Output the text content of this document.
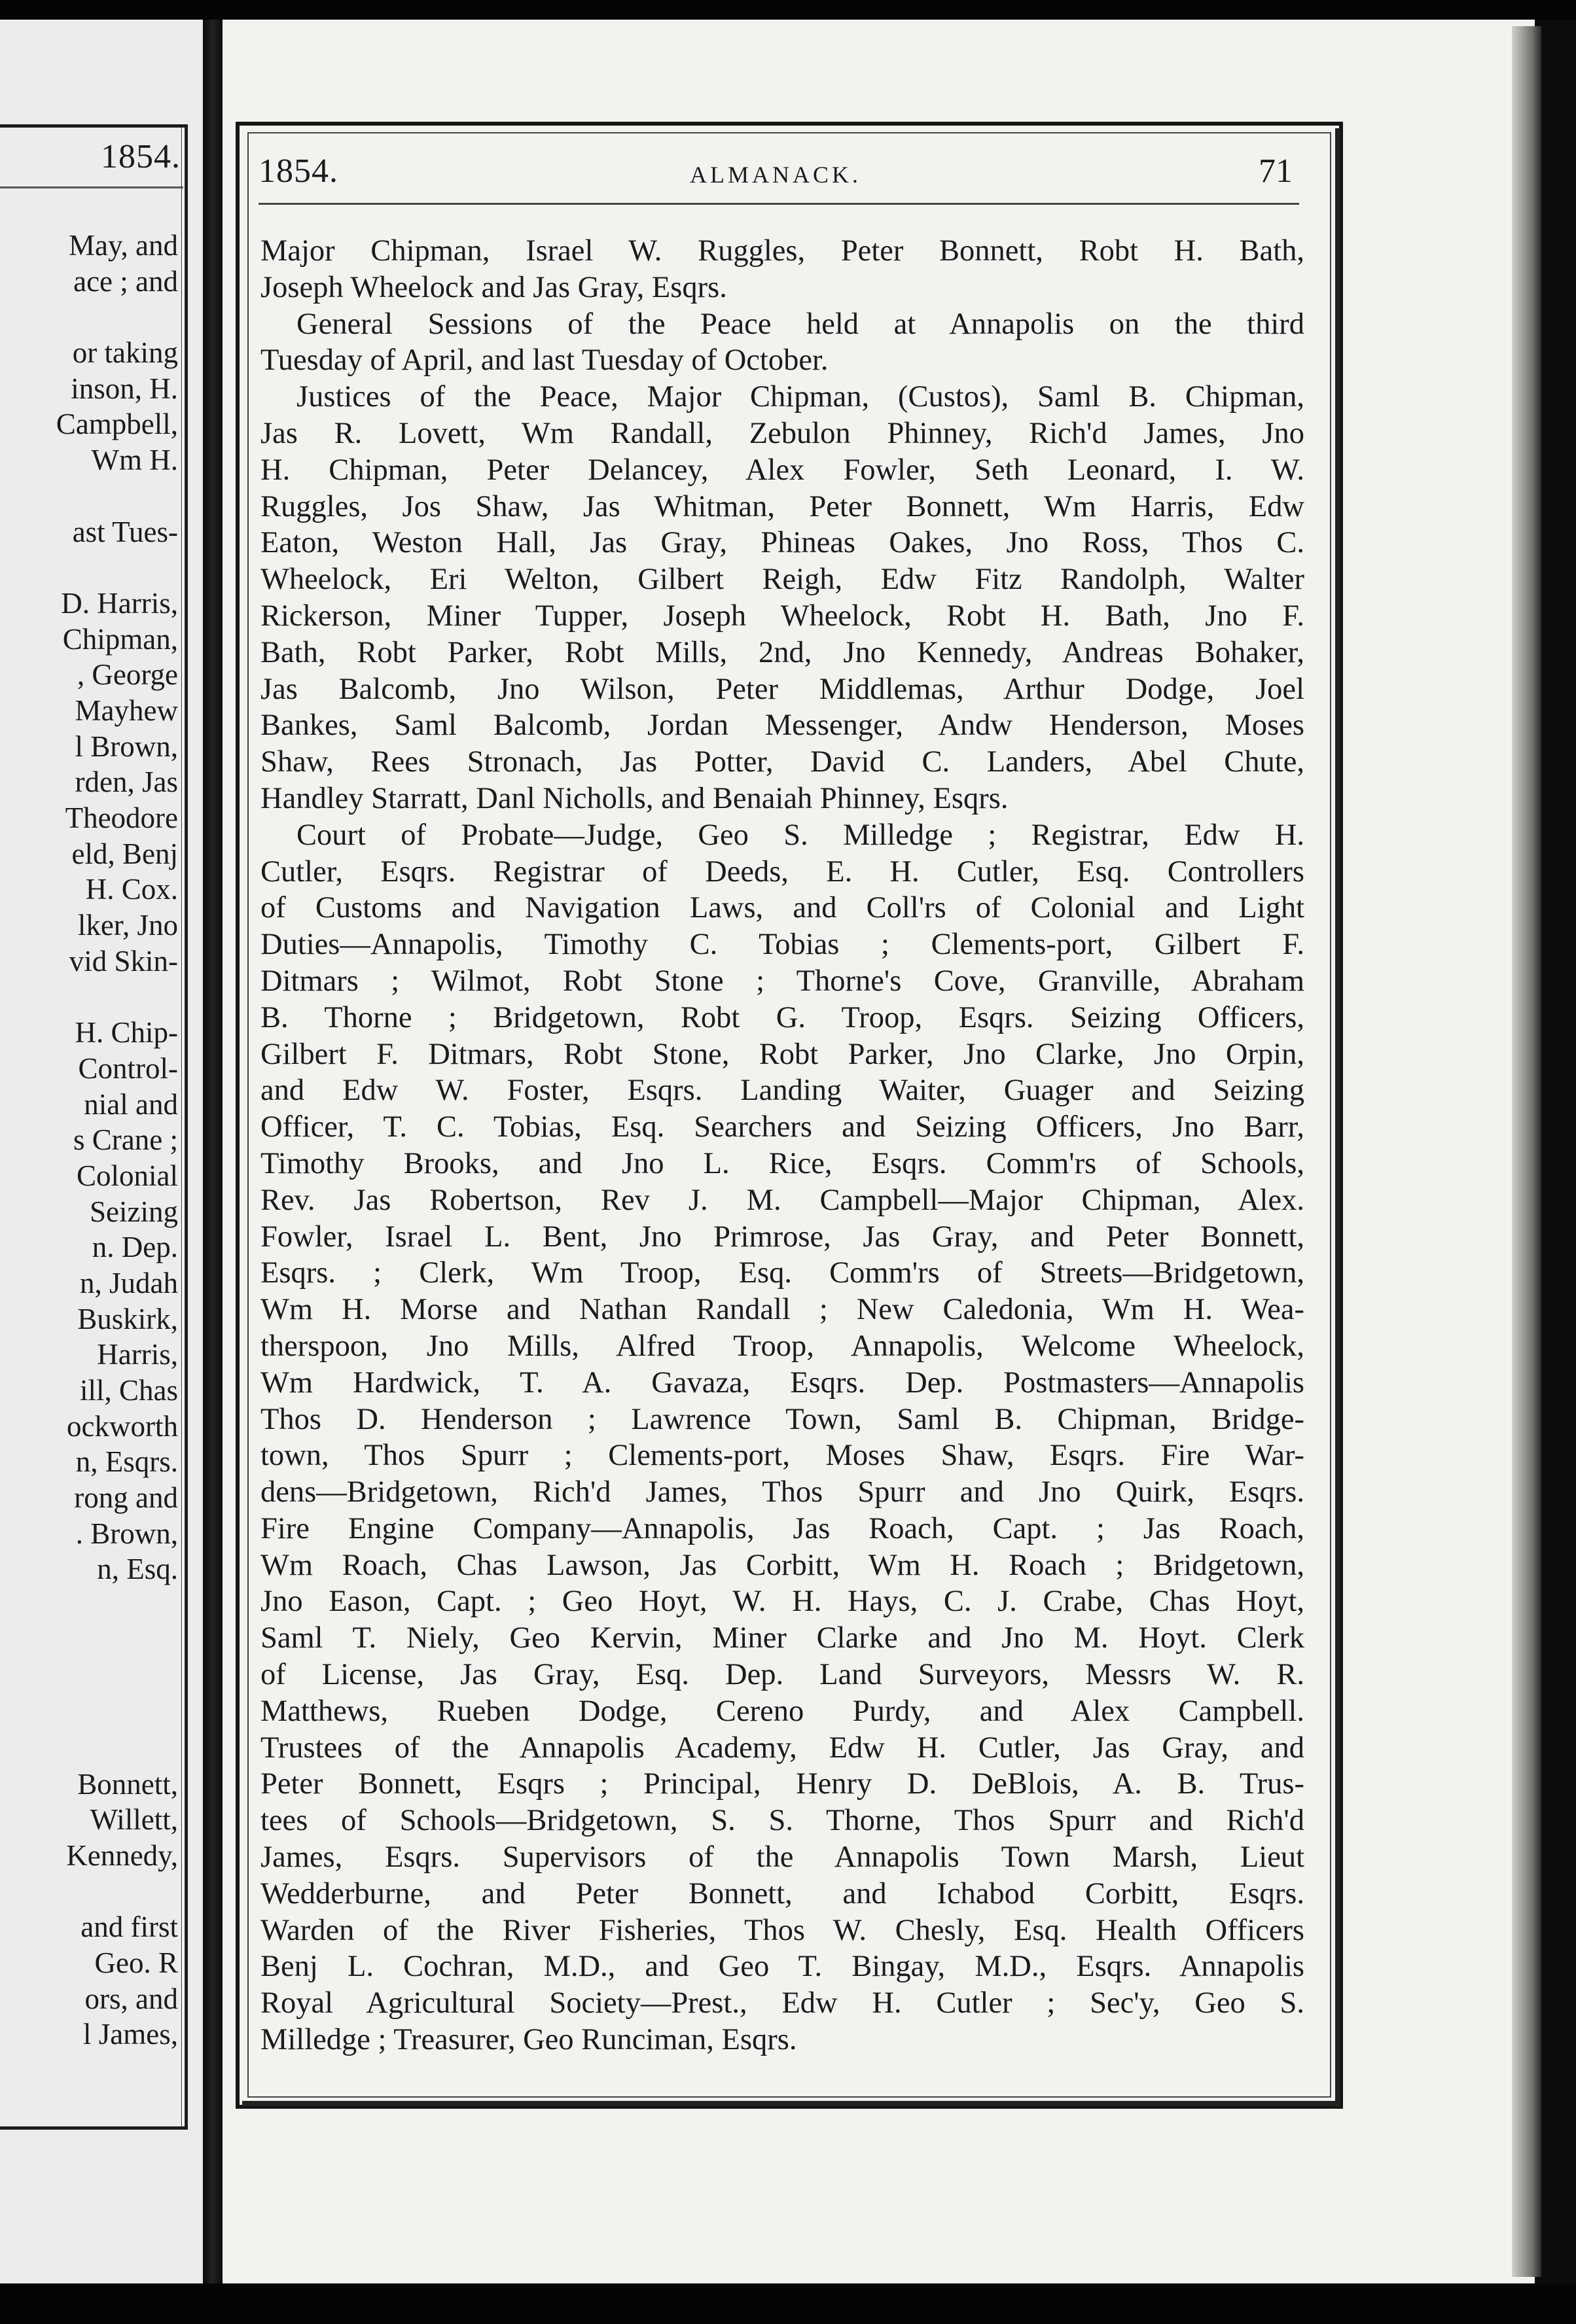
1854.
May, and
ace ; and
or taking
inson, H.
Campbell,
Wm H.
ast Tues-
D. Harris,
Chipman,
, George
Mayhew
l Brown,
rden, Jas
Theodore
eld, Benj
H. Cox.
lker, Jno
vid Skin-
H. Chip-
Control-
nial and
s Crane ;
Colonial
Seizing
n. Dep.
n, Judah
Buskirk,
Harris,
ill, Chas
ockworth
n, Esqrs.
rong and
. Brown,
n, Esq.
Bonnett,
Willett,
Kennedy,
and first
Geo. R
ors, and
l James,
1854.	ALMANACK.	71
Major Chipman, Israel W. Ruggles, Peter Bonnett, Robt H. Bath,
Joseph Wheelock and Jas Gray, Esqrs.
General Sessions of the Peace held at Annapolis on the third
Tuesday of April, and last Tuesday of October.
Justices of the Peace, Major Chipman, (Custos), Saml B. Chipman,
Jas R. Lovett, Wm Randall, Zebulon Phinney, Rich'd James, Jno
H. Chipman, Peter Delancey, Alex Fowler, Seth Leonard, I. W.
Ruggles, Jos Shaw, Jas Whitman, Peter Bonnett, Wm Harris, Edw
Eaton, Weston Hall, Jas Gray, Phineas Oakes, Jno Ross, Thos C.
Wheelock, Eri Welton, Gilbert Reigh, Edw Fitz Randolph, Walter
Rickerson, Miner Tupper, Joseph Wheelock, Robt H. Bath, Jno F.
Bath, Robt Parker, Robt Mills, 2nd, Jno Kennedy, Andreas Bohaker,
Jas Balcomb, Jno Wilson, Peter Middlemas, Arthur Dodge, Joel
Bankes, Saml Balcomb, Jordan Messenger, Andw Henderson, Moses
Shaw, Rees Stronach, Jas Potter, David C. Landers, Abel Chute,
Handley Starratt, Danl Nicholls, and Benaiah Phinney, Esqrs.
Court of Probate—Judge, Geo S. Milledge ; Registrar, Edw H.
Cutler, Esqrs. Registrar of Deeds, E. H. Cutler, Esq. Controllers
of Customs and Navigation Laws, and Coll'rs of Colonial and Light
Duties—Annapolis, Timothy C. Tobias ; Clements-port, Gilbert F.
Ditmars ; Wilmot, Robt Stone ; Thorne's Cove, Granville, Abraham
B. Thorne ; Bridgetown, Robt G. Troop, Esqrs. Seizing Officers,
Gilbert F. Ditmars, Robt Stone, Robt Parker, Jno Clarke, Jno Orpin,
and Edw W. Foster, Esqrs. Landing Waiter, Guager and Seizing
Officer, T. C. Tobias, Esq. Searchers and Seizing Officers, Jno Barr,
Timothy Brooks, and Jno L. Rice, Esqrs. Comm'rs of Schools,
Rev. Jas Robertson, Rev J. M. Campbell—Major Chipman, Alex.
Fowler, Israel L. Bent, Jno Primrose, Jas Gray, and Peter Bonnett,
Esqrs. ; Clerk, Wm Troop, Esq. Comm'rs of Streets—Bridgetown,
Wm H. Morse and Nathan Randall ; New Caledonia, Wm H. Wea-
therspoon, Jno Mills, Alfred Troop, Annapolis, Welcome Wheelock,
Wm Hardwick, T. A. Gavaza, Esqrs. Dep. Postmasters—Annapolis
Thos D. Henderson ; Lawrence Town, Saml B. Chipman, Bridge-
town, Thos Spurr ; Clements-port, Moses Shaw, Esqrs. Fire War-
dens—Bridgetown, Rich'd James, Thos Spurr and Jno Quirk, Esqrs.
Fire Engine Company—Annapolis, Jas Roach, Capt. ; Jas Roach,
Wm Roach, Chas Lawson, Jas Corbitt, Wm H. Roach ; Bridgetown,
Jno Eason, Capt. ; Geo Hoyt, W. H. Hays, C. J. Crabe, Chas Hoyt,
Saml T. Niely, Geo Kervin, Miner Clarke and Jno M. Hoyt. Clerk
of License, Jas Gray, Esq. Dep. Land Surveyors, Messrs W. R.
Matthews, Rueben Dodge, Cereno Purdy, and Alex Campbell.
Trustees of the Annapolis Academy, Edw H. Cutler, Jas Gray, and
Peter Bonnett, Esqrs ; Principal, Henry D. DeBlois, A. B. Trus-
tees of Schools—Bridgetown, S. S. Thorne, Thos Spurr and Rich'd
James, Esqrs. Supervisors of the Annapolis Town Marsh, Lieut
Wedderburne, and Peter Bonnett, and Ichabod Corbitt, Esqrs.
Warden of the River Fisheries, Thos W. Chesly, Esq. Health Officers
Benj L. Cochran, M.D., and Geo T. Bingay, M.D., Esqrs. Annapolis
Royal Agricultural Society—Prest., Edw H. Cutler ; Sec'y, Geo S.
Milledge ; Treasurer, Geo Runciman, Esqrs.
